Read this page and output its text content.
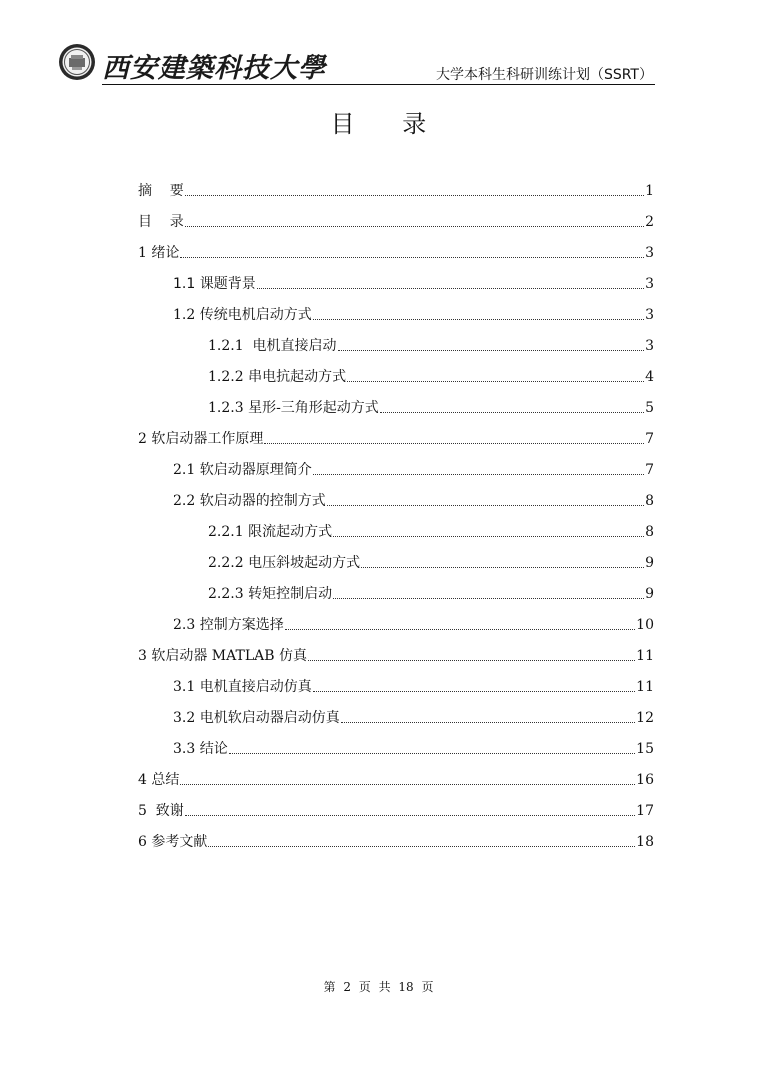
西安建築科技大學	大学本科生科研训练计划（SSRT）
目 录
摘    要	1
目    录	2
1 绪论	3
1.1 课题背景	3
1.2 传统电机启动方式	3
1.2.1  电机直接启动	3
1.2.2 串电抗起动方式	4
1.2.3 星形-三角形起动方式	5
2 软启动器工作原理	7
2.1 软启动器原理简介	7
2.2 软启动器的控制方式	8
2.2.1 限流起动方式	8
2.2.2 电压斜坡起动方式	9
2.2.3 转矩控制启动	9
2.3 控制方案选择	10
3 软启动器 MATLAB 仿真	11
3.1 电机直接启动仿真	11
3.2 电机软启动器启动仿真	12
3.3 结论	15
4 总结	16
5  致谢	17
6 参考文献	18
第 2 页 共 18 页
